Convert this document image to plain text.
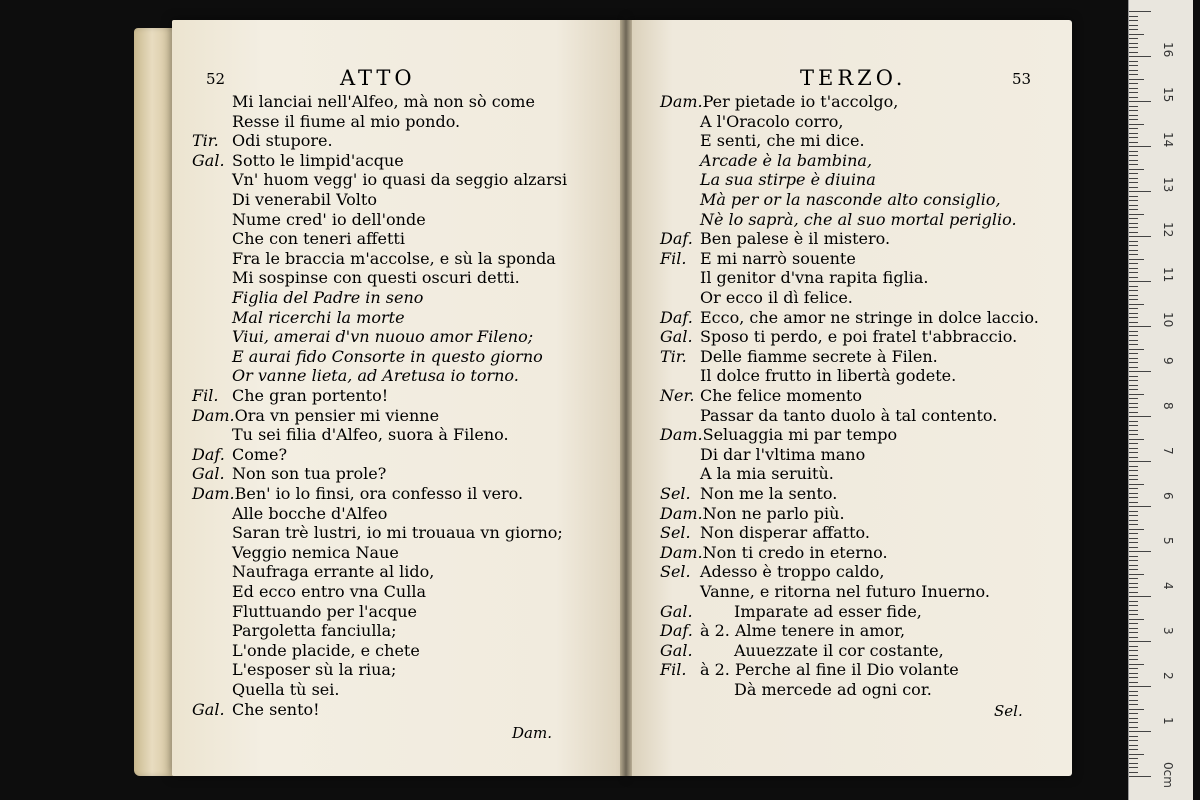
52	ATTO	TERZO.	53
Mi lanciai nell'Alfeo, mà non sò come
Resse il fiume al mio pondo.
Tir. Odi stupore.
Gal. Sotto le limpid'acque
Vn' huom vegg' io quasi da seggio alzarsi
Di venerabil Volto
Nume cred' io dell'onde
Che con teneri affetti
Fra le braccia m'accolse, e sù la sponda
Mi sospinse con questi oscuri detti.
Figlia del Padre in seno
Mal ricerchi la morte
Viui, amerai d'vn nuouo amor Fileno;
E aurai fido Consorte in questo giorno
Or vanne lieta, ad Aretusa io torno.
Fil. Che gran portento!
Dam.Ora vn pensier mi vienne
Tu sei filia d'Alfeo, suora à Fileno.
Daf. Come?
Gal. Non son tua prole?
Dam.Ben' io lo finsi, ora confesso il vero.
Alle bocche d'Alfeo
Saran trè lustri, io mi trouaua vn giorno;
Veggio nemica Naue
Naufraga errante al lido,
Ed ecco entro vna Culla
Fluttuando per l'acque
Pargoletta fanciulla;
L'onde placide, e chete
L'esposer sù la riua;
Quella tù sei.
Gal. Che sento!
Dam.Per pietade io t'accolgo,
A l'Oracolo corro,
E senti, che mi dice.
Arcade è la bambina,
La sua stirpe è diuina
Mà per or la nasconde alto consiglio,
Nè lo saprà, che al suo mortal periglio.
Daf. Ben palese è il mistero.
Fil. E mi narrò souente
Il genitor d'vna rapita figlia.
Or ecco il dì felice.
Daf. Ecco, che amor ne stringe in dolce laccio.
Gal. Sposo ti perdo, e poi fratel t'abbraccio.
Tir. Delle fiamme secrete à Filen.
Il dolce frutto in libertà godete.
Ner. Che felice momento
Passar da tanto duolo à tal contento.
Dam.Seluaggia mi par tempo
Di dar l'vltima mano
A la mia seruitù.
Sel. Non me la sento.
Dam.Non ne parlo più.
Sel. Non disperar affatto.
Dam.Non ti credo in eterno.
Sel. Adesso è troppo caldo,
Vanne, e ritorna nel futuro Inuerno.
Gal.	Imparate ad esser fide,
Daf. à 2. Alme tenere in amor,
Gal.	Auuezzate il cor costante,
Fil. à 2. Perche al fine il Dio volante
Dà mercede ad ogni cor.
Dam.
Sel.
0cm
1
2
3
4
5
6
7
8
9
10
11
12
13
14
15
16
